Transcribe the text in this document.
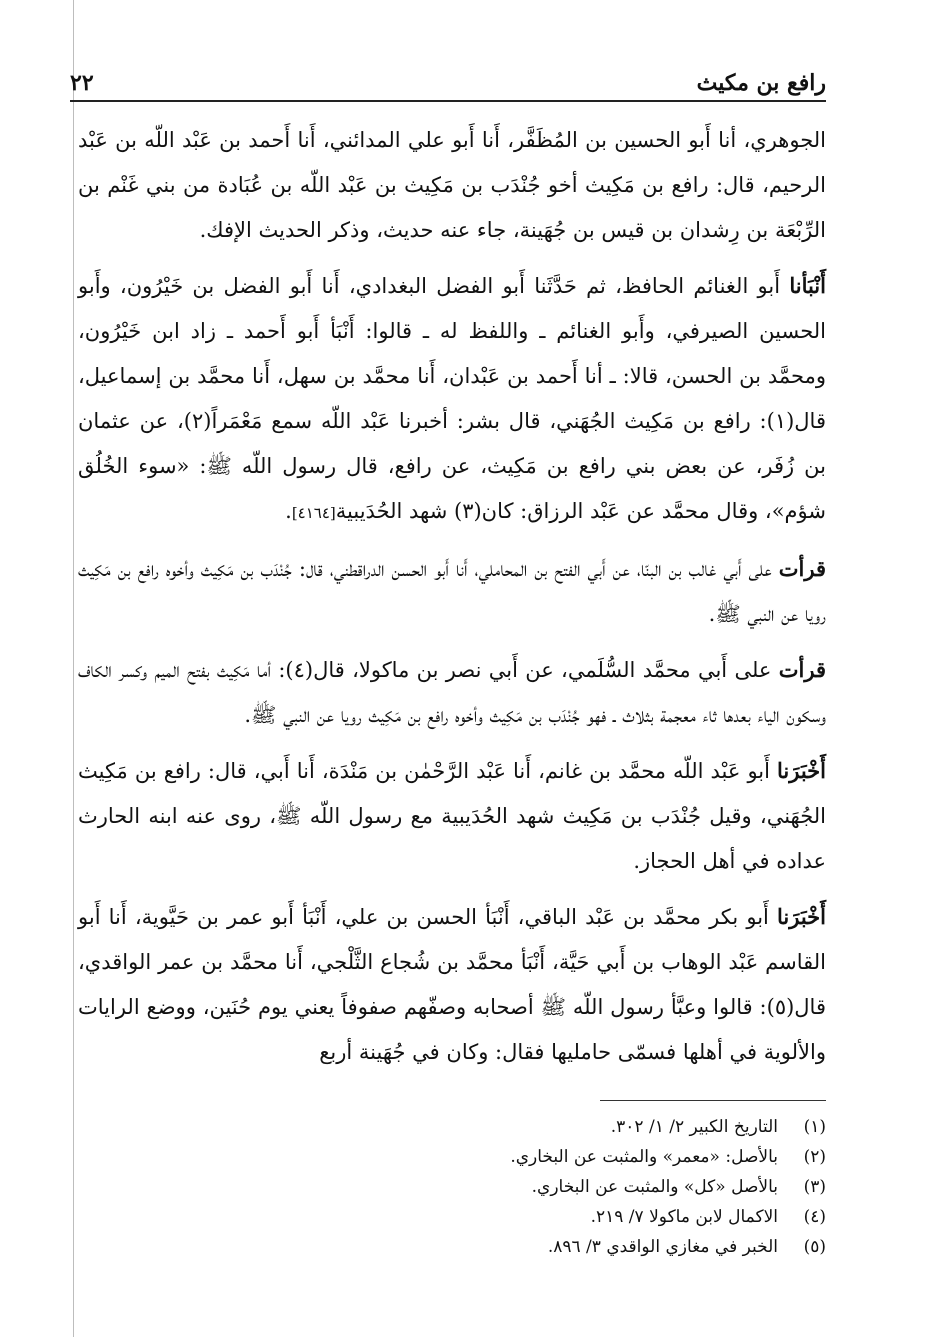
رافع بن مكيث
٢٢

الجوهري، أنا أَبو الحسين بن المُظَفَّر، أَنا أَبو علي المدائني، أَنا أَحمد بن عَبْد اللّه بن عَبْد الرحيم، قال: رافع بن مَكِيث أخو جُنْدَب بن مَكِيث بن عَبْد اللّه بن عُبَادة من بني غَنْم بن الرِّبْعَة بن رِشدان بن قيس بن جُهَينة، جاء عنه حديث، وذكر الحديث الإفك.

أَنْبَأنا أَبو الغنائم الحافظ، ثم حَدَّثَنا أَبو الفضل البغدادي، أَنا أَبو الفضل بن خَيْرُون، وأَبو الحسين الصيرفي، وأَبو الغنائم ـ واللفظ له ـ قالوا: أَنْبَأ أَبو أَحمد ـ زاد ابن خَيْرُون، ومحمَّد بن الحسن، قالا: ـ أنا أَحمد بن عَبْدان، أَنا محمَّد بن سهل، أَنا محمَّد بن إسماعيل، قال(١): رافع بن مَكِيث الجُهَني، قال بشر: أخبرنا عَبْد اللّه سمع مَعْمَراً(٢)، عن عثمان بن زُفَر، عن بعض بني رافع بن مَكِيث، عن رافع، قال رسول اللّه ﷺ: «سوء الخُلُق شؤم»، وقال محمَّد عن عَبْد الرزاق: كان(٣) شهد الحُدَيبية[٤١٦٤].

قرأت على أَبي غالب بن البنّا، عن أَبي الفتح بن المحاملي، أَنا أَبو الحسن الدراقطني، قال: جُنْدَب بن مَكِيث وأخوه رافع بن مَكِيث رويا عن النبي ﷺ.

قرأت على أَبي محمَّد السُّلَمي، عن أَبي نصر بن ماكولا، قال(٤): أما مَكِيث بفتح الميم وكسر الكاف وسكون الياء بعدها ثاء معجمة بثلاث ـ فهو جُنْدَب بن مَكِيث وأخوه رافع بن مَكِيث رويا عن النبي ﷺ.

أَخْبَرَنا أَبو عَبْد اللّه محمَّد بن غانم، أَنا عَبْد الرَّحْمٰن بن مَنْدَة، أَنا أَبي، قال: رافع بن مَكِيث الجُهَني، وقيل جُنْدَب بن مَكِيث شهد الحُدَيبية مع رسول اللّه ﷺ، روى عنه ابنه الحارث عداده في أهل الحجاز.

أَخْبَرَنا أَبو بكر محمَّد بن عَبْد الباقي، أَنْبَأ الحسن بن علي، أَنْبَأ أَبو عمر بن حَيَّوية، أَنا أَبو القاسم عَبْد الوهاب بن أَبي حَيَّة، أَنْبَأ محمَّد بن شُجاع الثَّلْجي، أَنا محمَّد بن عمر الواقدي، قال(٥): قالوا وعبَّأ رسول اللّه ﷺ أصحابه وصفّهم صفوفاً يعني يوم حُنَين، ووضع الرايات والألوية في أهلها فسمّى حامليها فقال: وكان في جُهَينة أربع

(١)
التاريخ الكبير ٢/ ١/ ٣٠٢.
(٢)
بالأصل: «معمر» والمثبت عن البخاري.
(٣)
بالأصل «كل» والمثبت عن البخاري.
(٤)
الاكمال لابن ماكولا ٧/ ٢١٩.
(٥)
الخبر في مغازي الواقدي ٣/ ٨٩٦.
